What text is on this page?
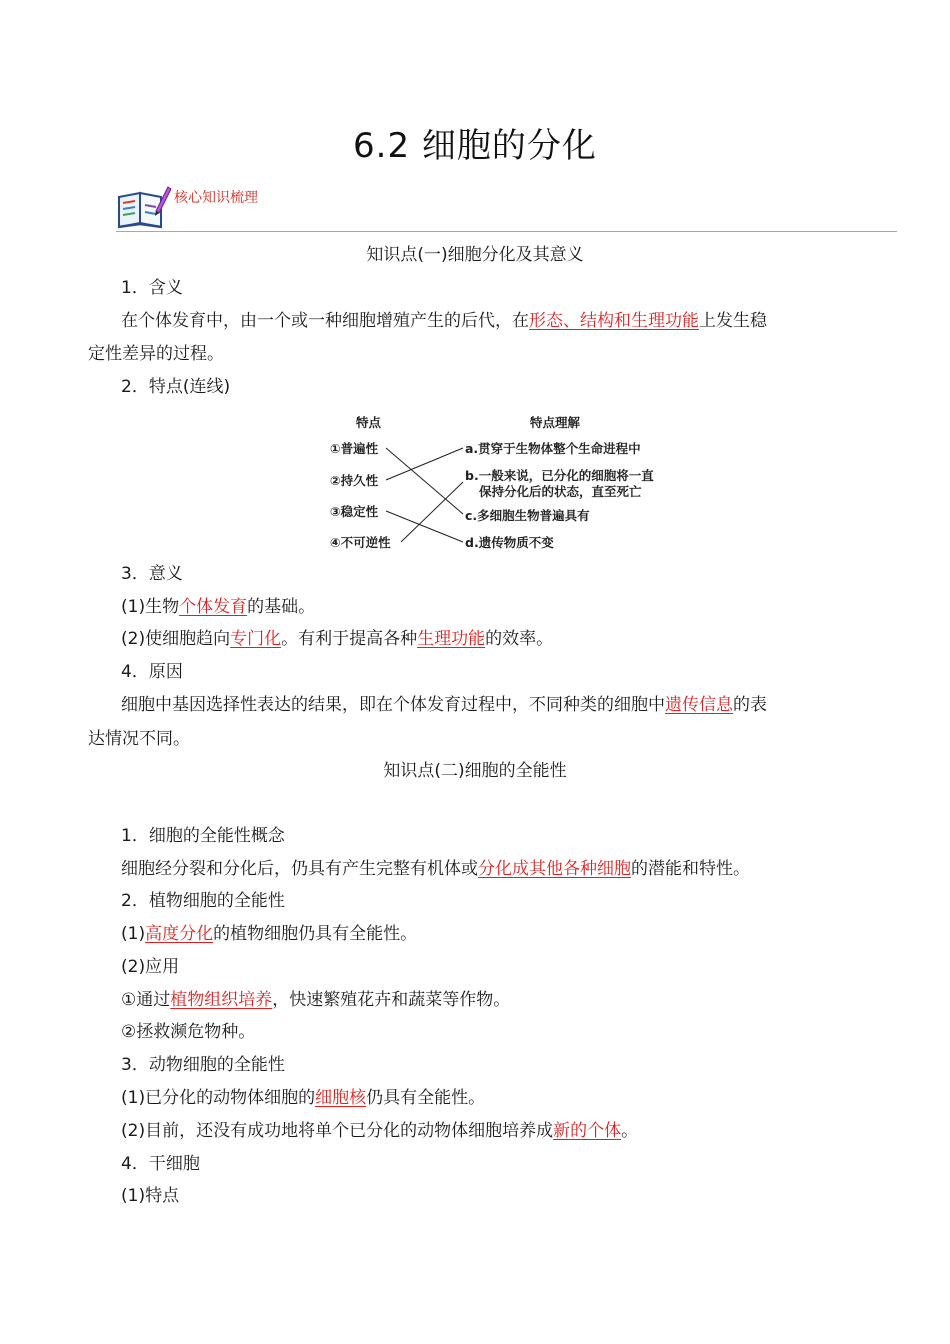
6.2 细胞的分化
核心知识梳理
知识点(一)细胞分化及其意义
1．含义
在个体发育中，由一个或一种细胞增殖产生的后代，在形态、结构和生理功能上发生稳
定性差异的过程。
2．特点(连线)
特点	特点理解
①普遍性
②持久性
③稳定性
④不可逆性
a.贯穿于生物体整个生命进程中
b.一般来说，已分化的细胞将一直
保持分化后的状态，直至死亡
c.多细胞生物普遍具有
d.遗传物质不变
3．意义
(1)生物个体发育的基础。
(2)使细胞趋向专门化。有利于提高各种生理功能的效率。
4．原因
细胞中基因选择性表达的结果，即在个体发育过程中，不同种类的细胞中遗传信息的表
达情况不同。
知识点(二)细胞的全能性
1．细胞的全能性概念
细胞经分裂和分化后，仍具有产生完整有机体或分化成其他各种细胞的潜能和特性。
2．植物细胞的全能性
(1)高度分化的植物细胞仍具有全能性。
(2)应用
①通过植物组织培养，快速繁殖花卉和蔬菜等作物。
②拯救濒危物种。
3．动物细胞的全能性
(1)已分化的动物体细胞的细胞核仍具有全能性。
(2)目前，还没有成功地将单个已分化的动物体细胞培养成新的个体。
4．干细胞
(1)特点
